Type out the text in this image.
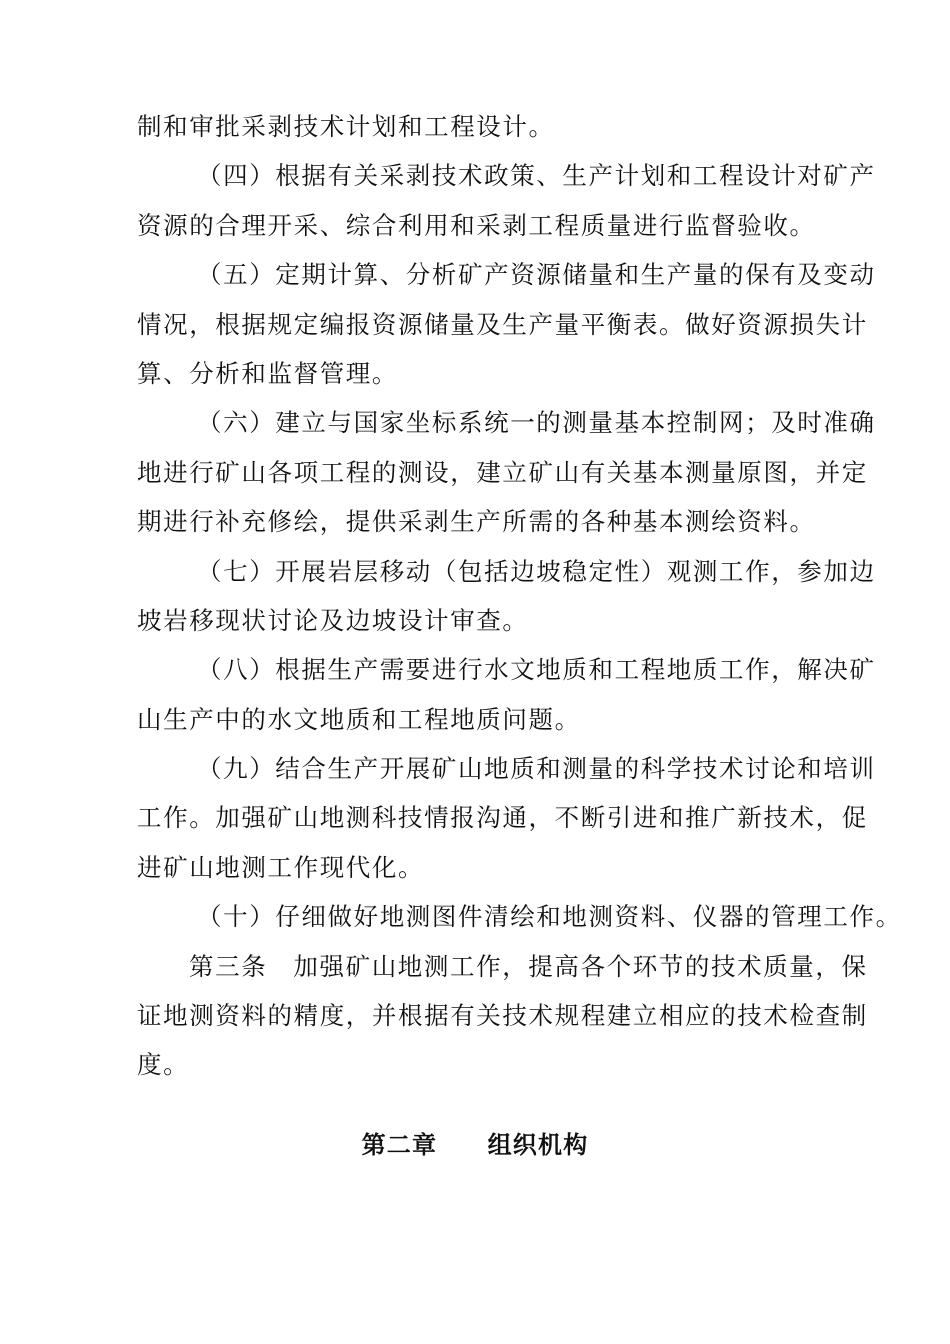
制和审批采剥技术计划和工程设计。

（四）根据有关采剥技术政策、生产计划和工程设计对矿产
资源的合理开采、综合利用和采剥工程质量进行监督验收。

（五）定期计算、分析矿产资源储量和生产量的保有及变动
情况，根据规定编报资源储量及生产量平衡表。做好资源损失计
算、分析和监督管理。

（六）建立与国家坐标系统一的测量基本控制网；及时准确
地进行矿山各项工程的测设，建立矿山有关基本测量原图，并定
期进行补充修绘，提供采剥生产所需的各种基本测绘资料。

（七）开展岩层移动（包括边坡稳定性）观测工作，参加边
坡岩移现状讨论及边坡设计审查。

（八）根据生产需要进行水文地质和工程地质工作，解决矿
山生产中的水文地质和工程地质问题。

（九）结合生产开展矿山地质和测量的科学技术讨论和培训
工作。加强矿山地测科技情报沟通，不断引进和推广新技术，促
进矿山地测工作现代化。

（十）仔细做好地测图件清绘和地测资料、仪器的管理工作。

第三条　加强矿山地测工作，提高各个环节的技术质量，保
证地测资料的精度，并根据有关技术规程建立相应的技术检查制
度。

第二章　　组织机构
